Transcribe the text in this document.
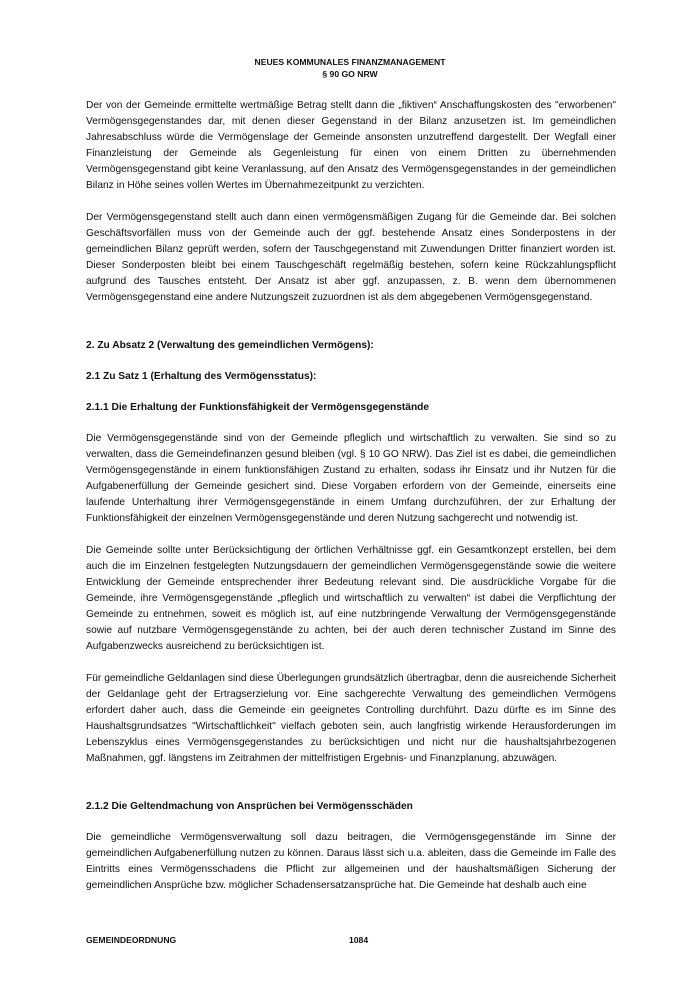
NEUES KOMMUNALES FINANZMANAGEMENT
§ 90 GO NRW

Der von der Gemeinde ermittelte wertmäßige Betrag stellt dann die „fiktiven“ Anschaffungskosten des "erworbenen" Vermögensgegenstandes dar, mit denen dieser Gegenstand in der Bilanz anzusetzen ist. Im gemeindlichen Jahresabschluss würde die Vermögenslage der Gemeinde ansonsten unzutreffend dargestellt. Der Wegfall einer Finanzleistung der Gemeinde als Gegenleistung für einen von einem Dritten zu übernehmenden Vermögensgegenstand gibt keine Veranlassung, auf den Ansatz des Vermögensgegenstandes in der gemeindlichen Bilanz in Höhe seines vollen Wertes im Übernahmezeitpunkt zu verzichten.

Der Vermögensgegenstand stellt auch dann einen vermögensmäßigen Zugang für die Gemeinde dar. Bei solchen Geschäftsvorfällen muss von der Gemeinde auch der ggf. bestehende Ansatz eines Sonderpostens in der gemeindlichen Bilanz geprüft werden, sofern der Tauschgegenstand mit Zuwendungen Dritter finanziert worden ist. Dieser Sonderposten bleibt bei einem Tauschgeschäft regelmäßig bestehen, sofern keine Rückzahlungspflicht aufgrund des Tausches entsteht. Der Ansatz ist aber ggf. anzupassen, z. B. wenn dem übernommenen Vermögensgegenstand eine andere Nutzungszeit zuzuordnen ist als dem abgegebenen Vermögensgegenstand.

2. Zu Absatz 2 (Verwaltung des gemeindlichen Vermögens):
2.1 Zu Satz 1 (Erhaltung des Vermögensstatus):
2.1.1 Die Erhaltung der Funktionsfähigkeit der Vermögensgegenstände

Die Vermögensgegenstände sind von der Gemeinde pfleglich und wirtschaftlich zu verwalten. Sie sind so zu verwalten, dass die Gemeindefinanzen gesund bleiben (vgl. § 10 GO NRW). Das Ziel ist es dabei, die gemeindlichen Vermögensgegenstände in einem funktionsfähigen Zustand zu erhalten, sodass ihr Einsatz und ihr Nutzen für die Aufgabenerfüllung der Gemeinde gesichert sind. Diese Vorgaben erfordern von der Gemeinde, einerseits eine laufende Unterhaltung ihrer Vermögensgegenstände in einem Umfang durchzuführen, der zur Erhaltung der Funktionsfähigkeit der einzelnen Vermögensgegenstände und deren Nutzung sachgerecht und notwendig ist.

Die Gemeinde sollte unter Berücksichtigung der örtlichen Verhältnisse ggf. ein Gesamtkonzept erstellen, bei dem auch die im Einzelnen festgelegten Nutzungsdauern der gemeindlichen Vermögensgegenstände sowie die weitere Entwicklung der Gemeinde entsprechender ihrer Bedeutung relevant sind. Die ausdrückliche Vorgabe für die Gemeinde, ihre Vermögensgegenstände „pfleglich und wirtschaftlich zu verwalten“ ist dabei die Verpflichtung der Gemeinde zu entnehmen, soweit es möglich ist, auf eine nutzbringende Verwaltung der Vermögensgegenstände sowie auf nutzbare Vermögensgegenstände zu achten, bei der auch deren technischer Zustand im Sinne des Aufgabenzwecks ausreichend zu berücksichtigen ist.

Für gemeindliche Geldanlagen sind diese Überlegungen grundsätzlich übertragbar, denn die ausreichende Sicherheit der Geldanlage geht der Ertragserzielung vor. Eine sachgerechte Verwaltung des gemeindlichen Vermögens erfordert daher auch, dass die Gemeinde ein geeignetes Controlling durchführt. Dazu dürfte es im Sinne des Haushaltsgrundsatzes "Wirtschaftlichkeit" vielfach geboten sein, auch langfristig wirkende Herausforderungen im Lebenszyklus eines Vermögensgegenstandes zu berücksichtigen und nicht nur die haushaltsjahrbezogenen Maßnahmen, ggf. längstens im Zeitrahmen der mittelfristigen Ergebnis- und Finanzplanung, abzuwägen.

2.1.2 Die Geltendmachung von Ansprüchen bei Vermögensschäden

Die gemeindliche Vermögensverwaltung soll dazu beitragen, die Vermögensgegenstände im Sinne der gemeindlichen Aufgabenerfüllung nutzen zu können. Daraus lässt sich u.a. ableiten, dass die Gemeinde im Falle des Eintritts eines Vermögensschadens die Pflicht zur allgemeinen und der haushaltsmäßigen Sicherung der gemeindlichen Ansprüche bzw. möglicher Schadensersatzansprüche hat. Die Gemeinde hat deshalb auch eine

GEMEINDEORDNUNG	1084
